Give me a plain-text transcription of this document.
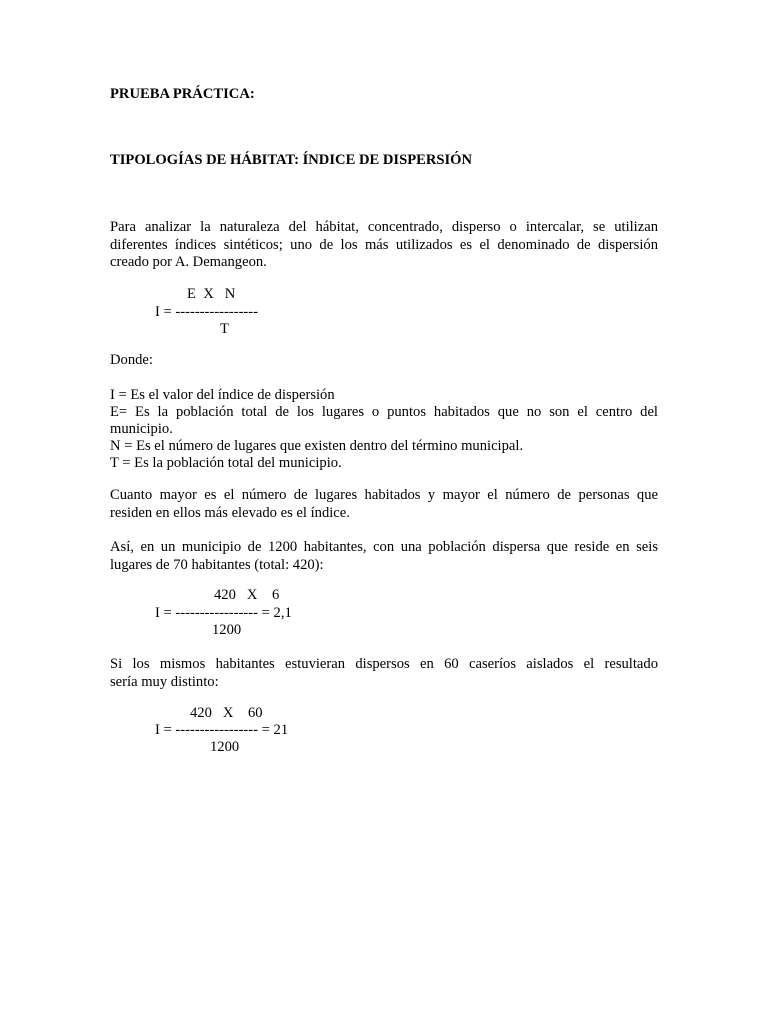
PRUEBA PRÁCTICA:

TIPOLOGÍAS DE HÁBITAT: ÍNDICE DE DISPERSIÓN

Para analizar la naturaleza del hábitat, concentrado, disperso o intercalar, se utilizan
diferentes índices sintéticos; uno de los más utilizados es el denominado de dispersión
creado por A. Demangeon.

E  X   N

I = -----------------

T

Donde:

I = Es el valor del índice de dispersión

E= Es la población total de los lugares o puntos habitados que no son el centro del

municipio.

N = Es el número de lugares que existen dentro del término municipal.

T = Es la población total del municipio.

Cuanto mayor es el número de lugares habitados y mayor el número de personas que
residen en ellos más elevado es el índice.
Así, en un municipio de 1200 habitantes, con una población dispersa que reside en seis
lugares de 70 habitantes (total: 420):

420   X    6

I = ----------------- = 2,1

1200

Si los mismos habitantes estuvieran dispersos en 60 caseríos aislados el resultado
sería muy distinto:

420   X    60

I = ----------------- = 21

1200
